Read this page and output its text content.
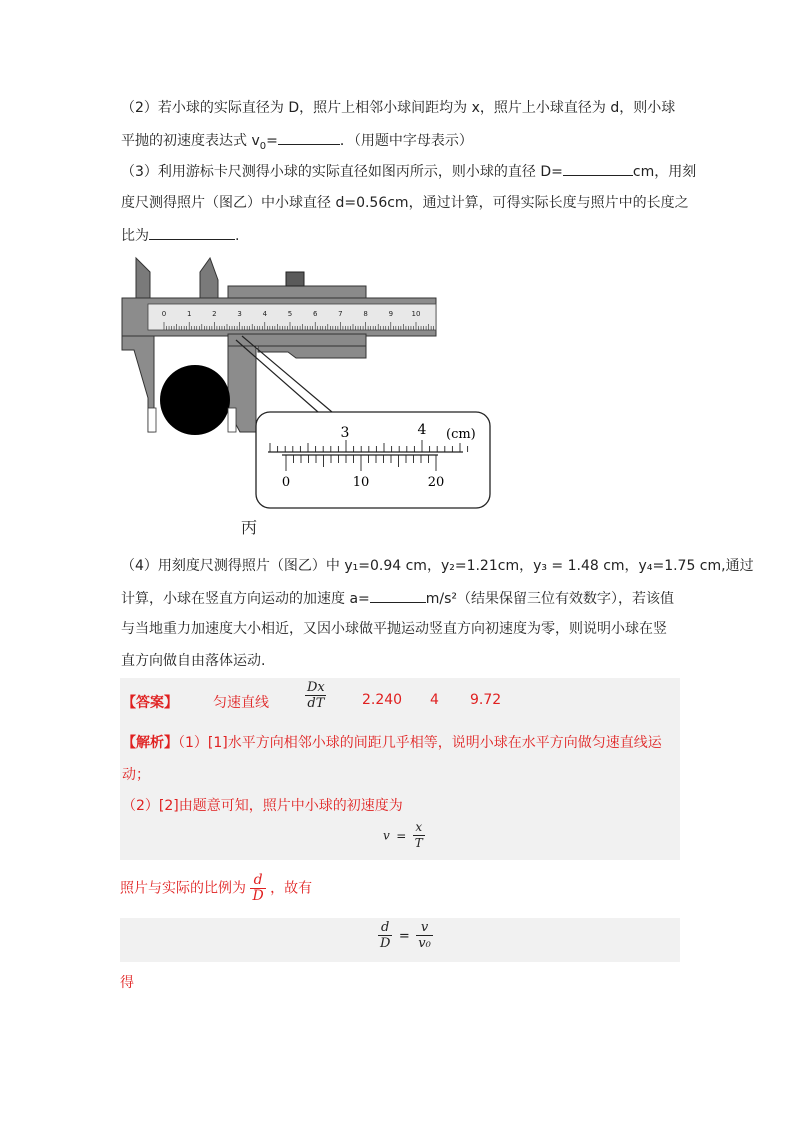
（2）若小球的实际直径为 D，照片上相邻小球间距均为 x，照片上小球直径为 d，则小球
平抛的初速度表达式 $v_0=$	．（用题中字母表示）
（3）利用游标卡尺测得小球的实际直径如图丙所示，则小球的直径 D=	cm，用刻
度尺测得照片（图乙）中小球直径 d=0.56cm，通过计算，可得实际长度与照片中的长度之
比为	.
0	1	2	3	4	5	6	7	8	9	10
3	4 (cm)
0	10	20
丙
（4）用刻度尺测得照片（图乙）中 y₁=0.94 cm，y₂=1.21cm，y₃ = 1.48 cm，y₄=1.75 cm,通过
计算，小球在竖直方向运动的加速度 a=	m/s²（结果保留三位有效数字），若该值
与当地重力加速度大小相近，又因小球做平抛运动竖直方向初速度为零，则说明小球在竖
直方向做自由落体运动.
【答案】	匀速直线	$\frac{Dx}{dT}$	2.240 4 9.72
【解析】（1）[1]水平方向相邻小球的间距几乎相等，说明小球在水平方向做匀速直线运
动；
（2）[2]由题意可知，照片中小球的初速度为
$v = \frac{x}{T}$
照片与实际的比例为 $\frac{d}{D}$ ，故有
$\frac{d}{D} = \frac{v}{\text{v₀}}$
得
